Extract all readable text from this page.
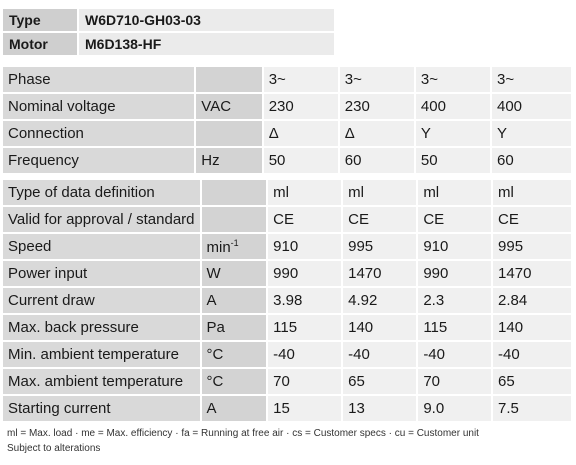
Type	W6D710-GH03-03
Motor	M6D138-HF
Phase		3~	3~	3~	3~
Nominal voltage	VAC	230	230	400	400
Connection		Δ	Δ	Y	Y
Frequency	Hz	50	60	50	60
Type of data definition		ml	ml	ml	ml
Valid for approval / standard		CE	CE	CE	CE
Speed	$\min^{-1}$	910	995	910	995
Power input	W	990	1470	990	1470
Current draw	A	3.98	4.92	2.3	2.84
Max. back pressure	Pa	115	140	115	140
Min. ambient temperature	°C	-40	-40	-40	-40
Max. ambient temperature	°C	70	65	70	65
Starting current	A	15	13	9.0	7.5
ml = Max. load · me = Max. efficiency · fa = Running at free air · cs = Customer specs · cu = Customer unit
Subject to alterations
